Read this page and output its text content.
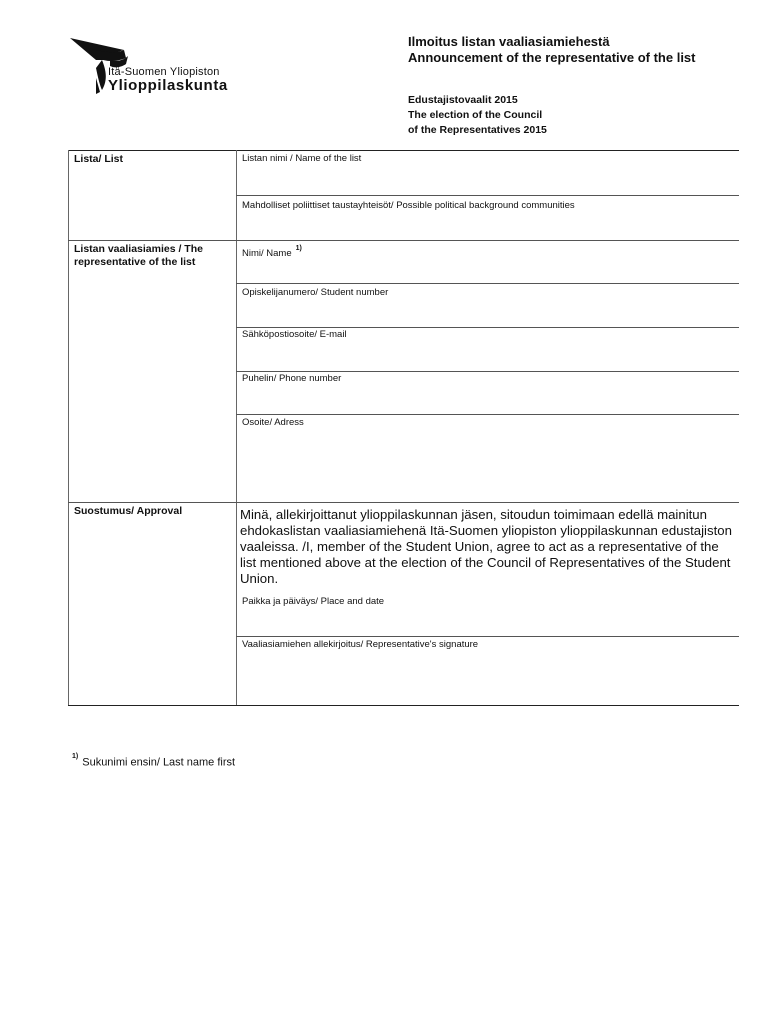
Itä-Suomen Yliopiston
Ylioppilaskunta
Ilmoitus listan vaaliasiamiehestä
Announcement of the representative of the list
Edustajistovaalit 2015
The election of the Council
of the Representatives 2015
Lista/ List	Listan nimi / Name of the list
Mahdolliset poliittiset taustayhteisöt/ Possible political background communities
Listan vaaliasiamies / The representative of the list
Nimi/ Name $^{1)}$
Opiskelijanumero/ Student number
Sähköpostiosoite/ E-mail
Puhelin/ Phone number
Osoite/ Adress
Suostumus/ Approval	Minä, allekirjoittanut ylioppilaskunnan jäsen, sitoudun toimimaan edellä mainitun ehdokaslistan vaaliasiamiehenä Itä-Suomen yliopiston ylioppilaskunnan edustajiston vaaleissa. /I, member of the Student Union, agree to act as a representative of the list mentioned above at the election of the Council of Representatives of the Student Union.
Paikka ja päiväys/ Place and date
Vaaliasiamiehen allekirjoitus/ Representative's signature
$^{1)}$Sukunimi ensin/ Last name first
